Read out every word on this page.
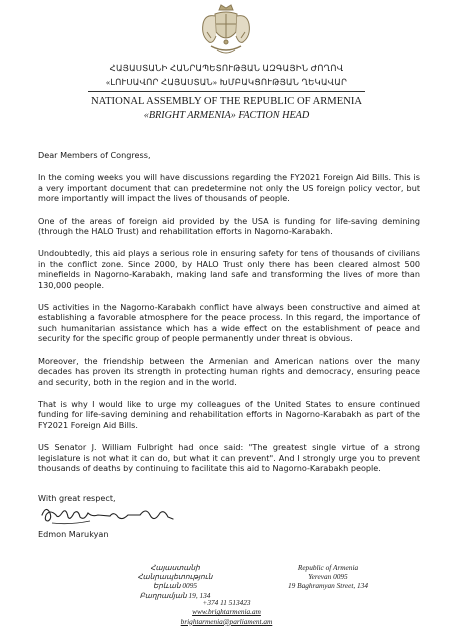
ՀԱՅԱՍՏԱՆԻ ՀԱՆՐԱՊԵՏՈՒԹՅԱՆ ԱԶԳԱՅԻՆ ԺՈՂՈՎ
«ԼՈՒՍԱՎՈՐ ՀԱՅԱՍՏԱՆ» ԽՄԲԱԿՑՈՒԹՅԱՆ ՂԵԿԱՎԱՐ
NATIONAL ASSEMBLY OF THE REPUBLIC OF ARMENIA
«BRIGHT ARMENIA» FACTION HEAD

Dear Members of Congress,

In the coming weeks you will have discussions regarding the FY2021 Foreign Aid Bills. This is a very important document that can predetermine not only the US foreign policy vector, but more importantly will impact the lives of thousands of people.

One of the areas of foreign aid provided by the USA is funding for life-saving demining (through the HALO Trust) and rehabilitation efforts in Nagorno-Karabakh.

Undoubtedly, this aid plays a serious role in ensuring safety for tens of thousands of civilians in the conflict zone. Since 2000, by HALO Trust only there has been cleared almost 500 minefields in Nagorno-Karabakh, making land safe and transforming the lives of more than 130,000 people.

US activities in the Nagorno-Karabakh conflict have always been constructive and aimed at establishing a favorable atmosphere for the peace process. In this regard, the importance of such humanitarian assistance which has a wide effect on the establishment of peace and security for the specific group of people permanently under threat is obvious.

Moreover, the friendship between the Armenian and American nations over the many decades has proven its strength in protecting human rights and democracy, ensuring peace and security, both in the region and in the world.

That is why I would like to urge my colleagues of the United States to ensure continued funding for life-saving demining and rehabilitation efforts in Nagorno-Karabakh as part of the FY2021 Foreign Aid Bills.

US Senator J. William Fulbright had once said: "The greatest single virtue of a strong legislature is not what it can do, but what it can prevent". And I strongly urge you to prevent thousands of deaths by continuing to facilitate this aid to Nagorno-Karabakh people.

With great respect,
Edmon Marukyan
Հայաստանի Հանրապետություն
Երևան 0095
Բաղրամյան 19, 134
Republic of Armenia
Yerevan 0095
19 Baghramyan Street, 134
+374 11 513423
www.brightarmenia.am
brightarmenia@parliament.am
